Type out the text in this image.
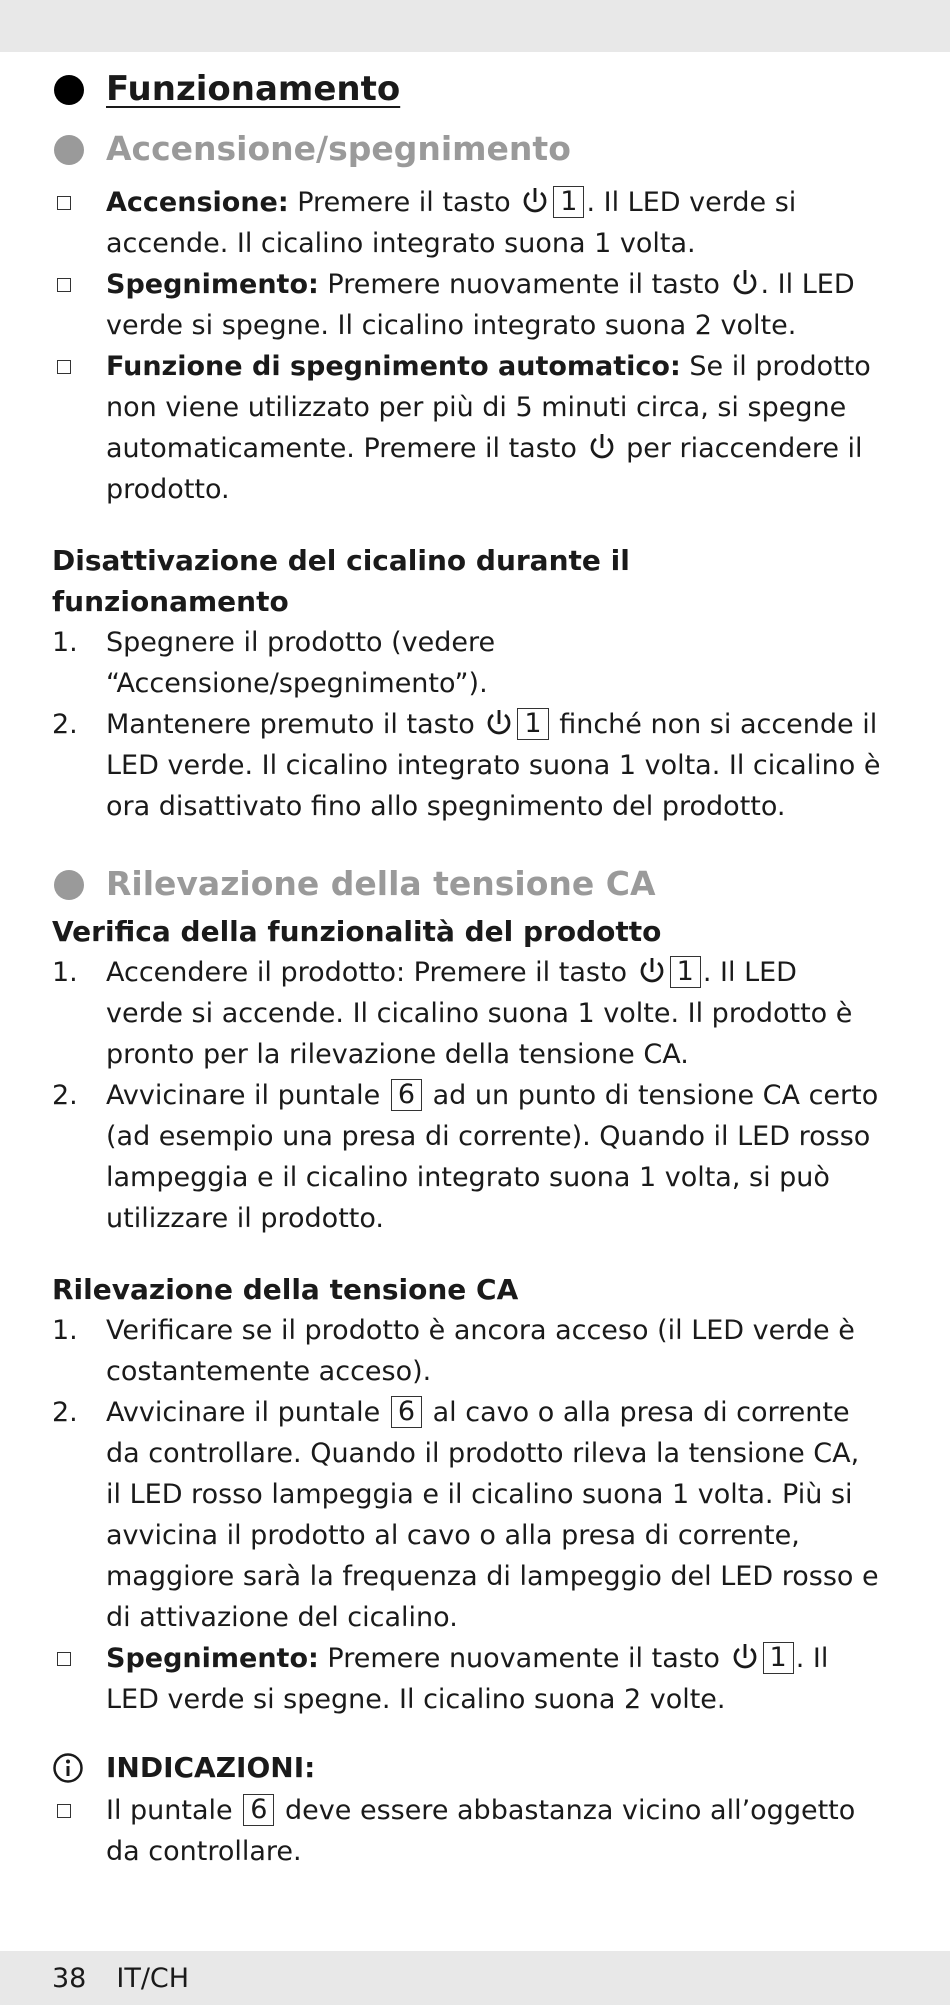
Funzionamento
Accensione/spegnimento
Accensione: Premere il tasto 1 . Il LED verde si accende. Il cicalino integrato suona 1 volta.
Spegnimento: Premere nuovamente il tasto . Il LED verde si spegne. Il cicalino integrato suona 2 volte.
Funzione di spegnimento automatico: Se il prodotto non viene utilizzato per più di 5 minuti circa, si spegne automaticamente. Premere il tasto per riaccendere il prodotto.
Disattivazione del cicalino durante il
funzionamento
1. Spegnere il prodotto (vedere “Accensione/spegnimento”).
2. Mantenere premuto il tasto 1 finché non si accende il LED verde. Il cicalino integrato suona 1 volta. Il cicalino è ora disattivato fino allo spegnimento del prodotto.
Rilevazione della tensione CA
Verifica della funzionalità del prodotto
1. Accendere il prodotto: Premere il tasto 1 . Il LED verde si accende. Il cicalino suona 1 volte. Il prodotto è pronto per la rilevazione della tensione CA.
2. Avvicinare il puntale 6 ad un punto di tensione CA certo (ad esempio una presa di corrente). Quando il LED rosso lampeggia e il cicalino integrato suona 1 volta, si può utilizzare il prodotto.
Rilevazione della tensione CA
1. Verificare se il prodotto è ancora acceso (il LED verde è costantemente acceso).
2. Avvicinare il puntale 6 al cavo o alla presa di corrente da controllare. Quando il prodotto rileva la tensione CA, il LED rosso lampeggia e il cicalino suona 1 volta. Più si avvicina il prodotto al cavo o alla presa di corrente, maggiore sarà la frequenza di lampeggio del LED rosso e di attivazione del cicalino.
Spegnimento: Premere nuovamente il tasto 1 . Il LED verde si spegne. Il cicalino suona 2 volte.
INDICAZIONI:
Il puntale 6 deve essere abbastanza vicino all’oggetto da controllare.
38 IT/CH
